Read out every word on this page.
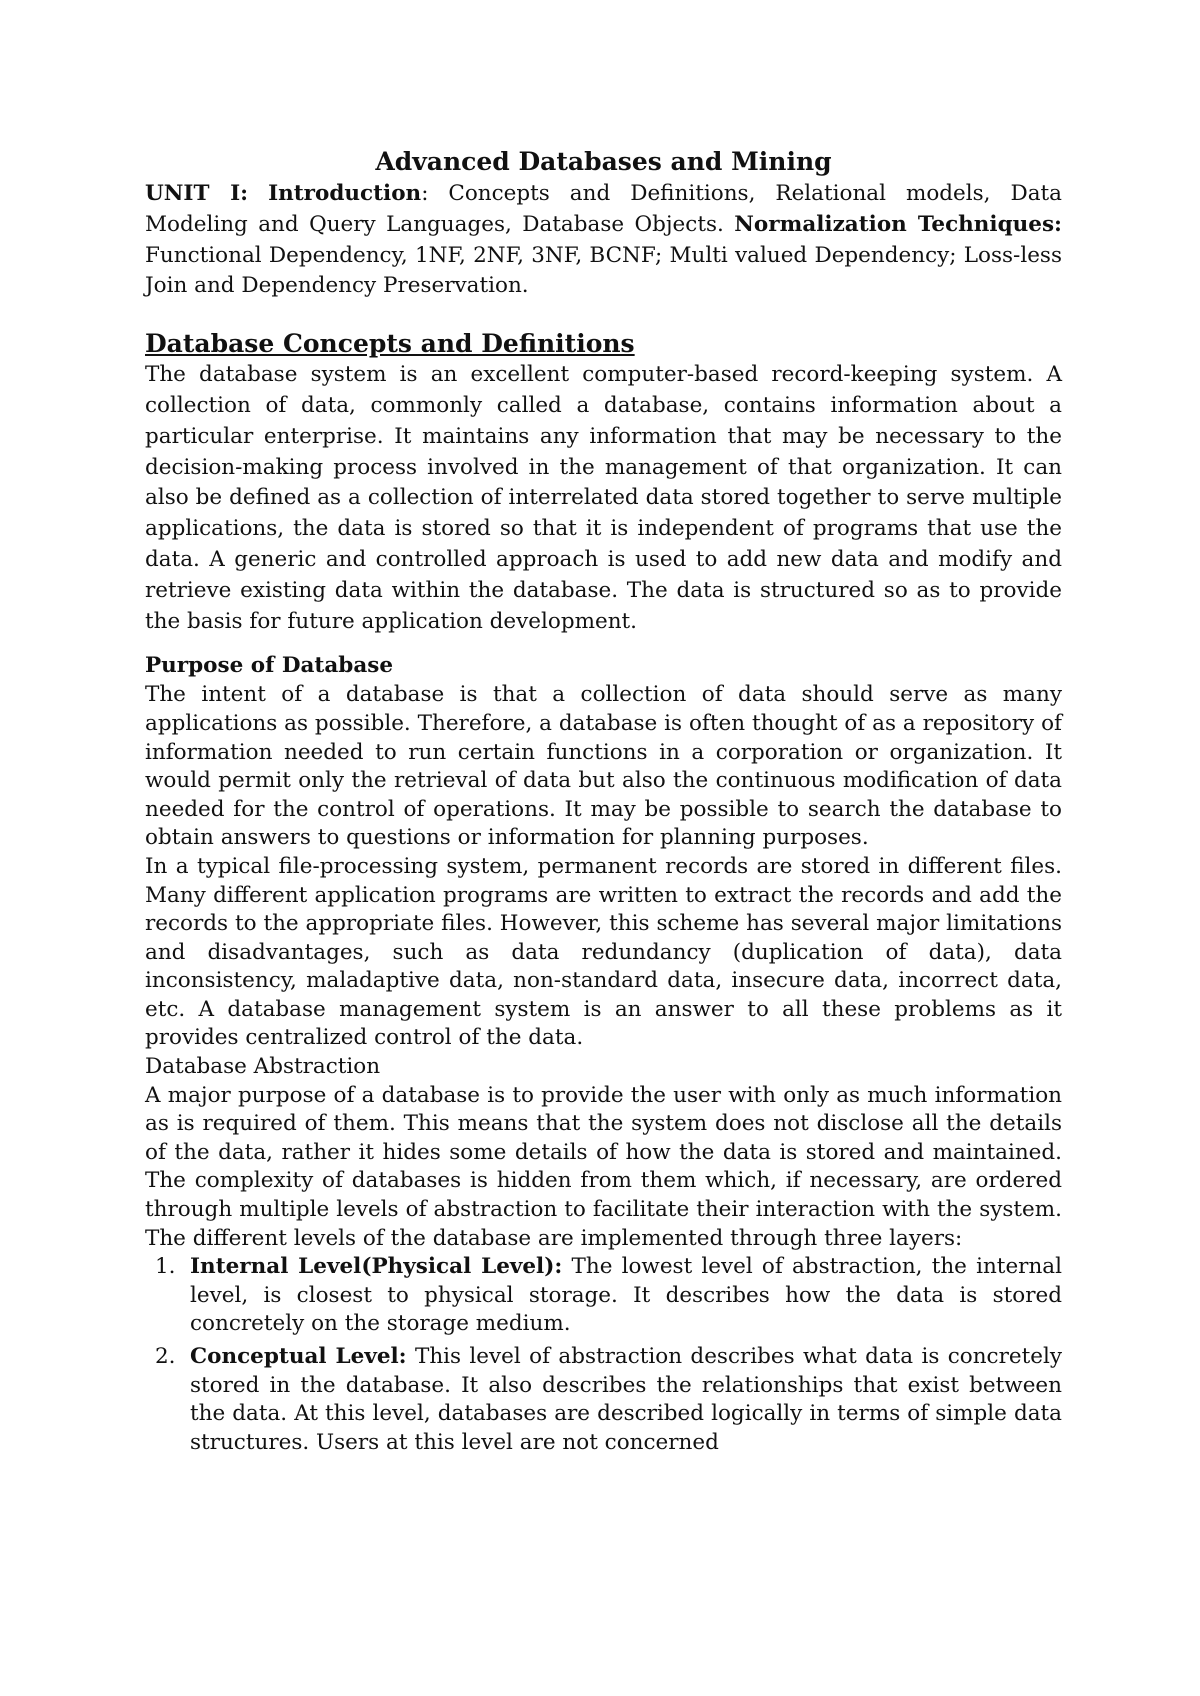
Advanced Databases and Mining

UNIT I: Introduction: Concepts and Definitions, Relational models, Data Modeling and Query Languages, Database Objects. Normalization Techniques: Functional Dependency, 1NF, 2NF, 3NF, BCNF; Multi valued Dependency; Loss-less Join and Dependency Preservation.

Database Concepts and Definitions

The database system is an excellent computer-based record-keeping system. A collection of data, commonly called a database, contains information about a particular enterprise. It maintains any information that may be necessary to the decision-making process involved in the management of that organization. It can also be defined as a collection of interrelated data stored together to serve multiple applications, the data is stored so that it is independent of programs that use the data. A generic and controlled approach is used to add new data and modify and retrieve existing data within the database. The data is structured so as to provide the basis for future application development.

Purpose of Database

The intent of a database is that a collection of data should serve as many applications as possible. Therefore, a database is often thought of as a repository of information needed to run certain functions in a corporation or organization. It would permit only the retrieval of data but also the continuous modification of data needed for the control of operations. It may be possible to search the database to obtain answers to questions or information for planning purposes.

In a typical file-processing system, permanent records are stored in different files. Many different application programs are written to extract the records and add the records to the appropriate files. However, this scheme has several major limitations and disadvantages, such as data redundancy (duplication of data), data inconsistency, maladaptive data, non-standard data, insecure data, incorrect data, etc. A database management system is an answer to all these problems as it provides centralized control of the data.

Database Abstraction

A major purpose of a database is to provide the user with only as much information as is required of them. This means that the system does not disclose all the details of the data, rather it hides some details of how the data is stored and maintained. The complexity of databases is hidden from them which, if necessary, are ordered through multiple levels of abstraction to facilitate their interaction with the system. The different levels of the database are implemented through three layers:

1. Internal Level(Physical Level): The lowest level of abstraction, the internal level, is closest to physical storage. It describes how the data is stored concretely on the storage medium.
2. Conceptual Level: This level of abstraction describes what data is concretely stored in the database. It also describes the relationships that exist between the data. At this level, databases are described logically in terms of simple data structures. Users at this level are not concerned
